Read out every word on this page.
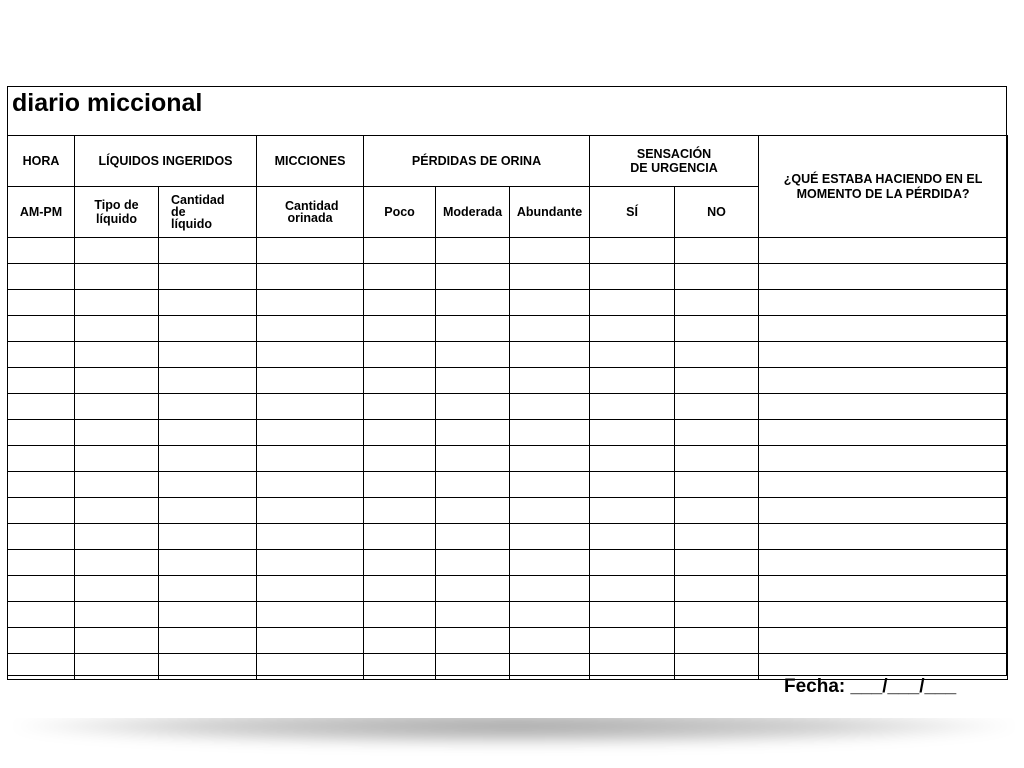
diario miccional
HORA	LÍQUIDOS INGERIDOS		MICCIONES	PÉRDIDAS DE ORINA			SENSACIÓN DE URGENCIA		¿QUÉ ESTABA HACIENDO EN EL MOMENTO DE LA PÉRDIDA?
AM-PM	Tipo de líquido	Cantidad de líquido	Cantidad orinada	Poco	Moderada	Abundante	SÍ	NO	

Fecha: ___/___/___
